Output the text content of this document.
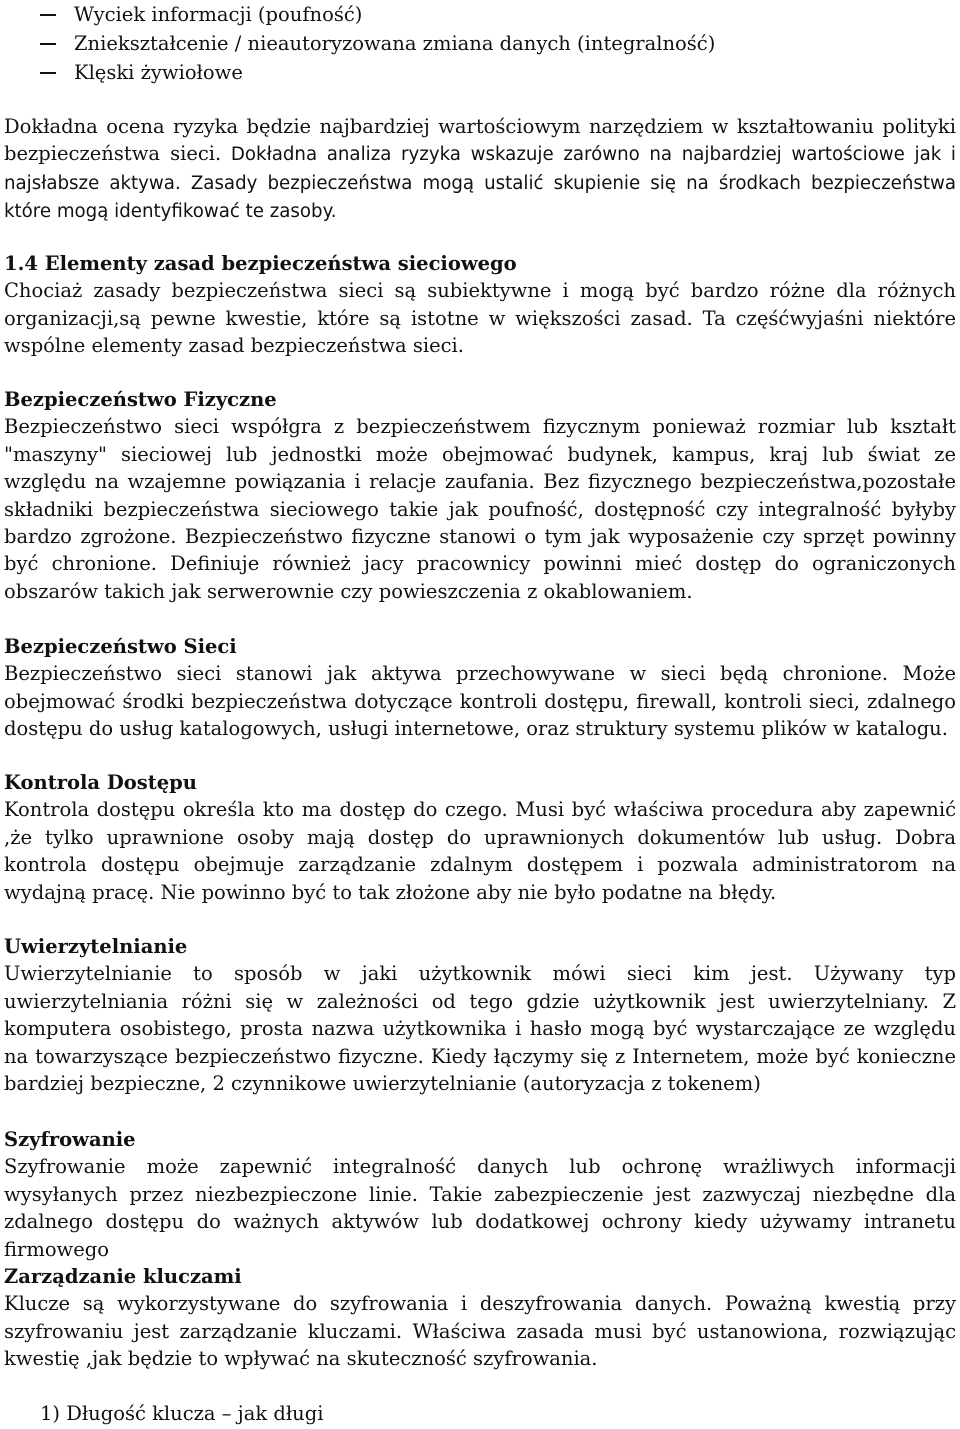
Wyciek informacji (poufność)
Zniekształcenie / nieautoryzowana zmiana danych (integralność)
Klęski żywiołowe

Dokładna ocena ryzyka będzie najbardziej wartościowym narzędziem w kształtowaniu polityki bezpieczeństwa sieci. Dokładna analiza ryzyka wskazuje zarówno na najbardziej wartościowe jak i najsłabsze aktywa. Zasady bezpieczeństwa mogą ustalić skupienie się na środkach bezpieczeństwa które mogą identyfikować te zasoby.

1.4 Elementy zasad bezpieczeństwa sieciowego

Chociaż zasady bezpieczeństwa sieci są subiektywne i mogą być bardzo różne dla różnych organizacji,są pewne kwestie, które są istotne w większości zasad. Ta częśćwyjaśni niektóre wspólne elementy zasad bezpieczeństwa sieci.

Bezpieczeństwo Fizyczne

Bezpieczeństwo sieci współgra z bezpieczeństwem fizycznym ponieważ rozmiar lub kształt "maszyny" sieciowej lub jednostki może obejmować budynek, kampus, kraj lub świat ze względu na wzajemne powiązania i relacje zaufania. Bez fizycznego bezpieczeństwa,pozostałe składniki bezpieczeństwa sieciowego takie jak poufność, dostępność czy integralność byłyby bardzo zgrożone. Bezpieczeństwo fizyczne stanowi o tym jak wyposażenie czy sprzęt powinny być chronione. Definiuje również jacy pracownicy powinni mieć dostęp do ograniczonych obszarów takich jak serwerownie czy powieszczenia z okablowaniem.

Bezpieczeństwo Sieci

Bezpieczeństwo sieci stanowi jak aktywa przechowywane w sieci będą chronione. Może obejmować środki bezpieczeństwa dotyczące kontroli dostępu, firewall, kontroli sieci, zdalnego dostępu do usług katalogowych, usługi internetowe, oraz struktury systemu plików w katalogu.

Kontrola Dostępu

Kontrola dostępu określa kto ma dostęp do czego. Musi być właściwa procedura aby zapewnić ,że tylko uprawnione osoby mają dostęp do uprawnionych dokumentów lub usług. Dobra kontrola dostępu obejmuje zarządzanie zdalnym dostępem i pozwala administratorom na wydajną pracę. Nie powinno być to tak złożone aby nie było podatne na błędy.

Uwierzytelnianie

Uwierzytelnianie to sposób w jaki użytkownik mówi sieci kim jest. Używany typ uwierzytelniania różni się w zależności od tego gdzie użytkownik jest uwierzytelniany. Z komputera osobistego, prosta nazwa użytkownika i hasło mogą być wystarczające ze względu na towarzyszące bezpieczeństwo fizyczne. Kiedy łączymy się z Internetem, może być konieczne bardziej bezpieczne, 2 czynnikowe uwierzytelnianie (autoryzacja z tokenem)

Szyfrowanie

Szyfrowanie może zapewnić integralność danych lub ochronę wrażliwych informacji wysyłanych przez niezbezpieczone linie. Takie zabezpieczenie jest zazwyczaj niezbędne dla zdalnego dostępu do ważnych aktywów lub dodatkowej ochrony kiedy używamy intranetu firmowego

Zarządzanie kluczami

Klucze są wykorzystywane do szyfrowania i deszyfrowania danych. Poważną kwestią przy szyfrowaniu jest zarządzanie kluczami. Właściwa zasada musi być ustanowiona, rozwiązując kwestię ,jak będzie to wpływać na skuteczność szyfrowania.

1) Długość klucza – jak długi
